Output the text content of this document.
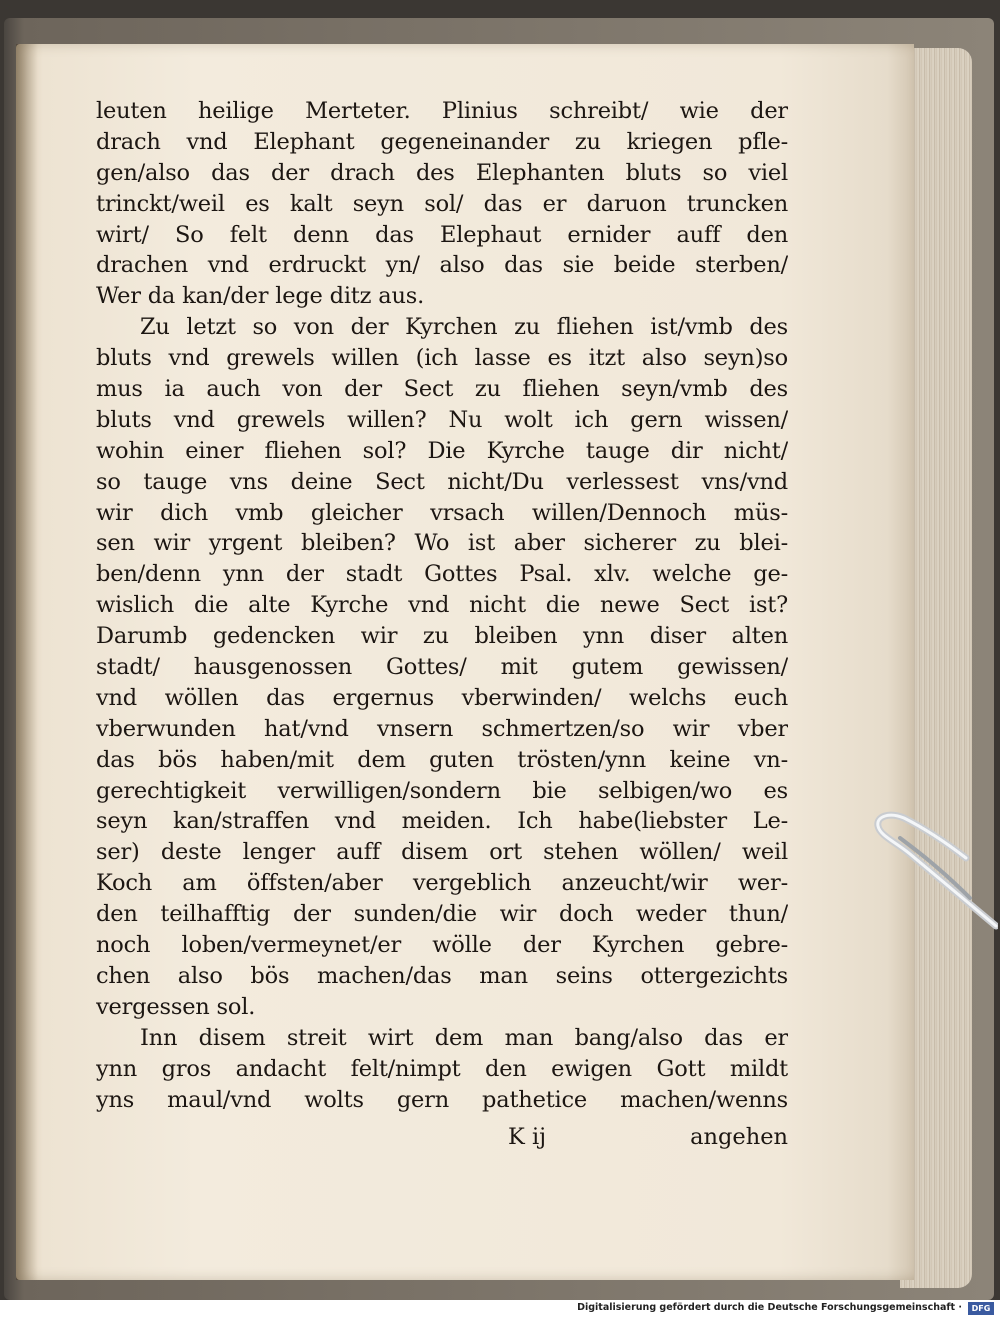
leuten heilige Merteter. Plinius schreibt/ wie der
drach vnd Elephant gegeneinander zu kriegen pfle-
gen/also das der drach des Elephanten bluts so viel
trinckt/weil es kalt seyn sol/ das er daruon truncken
wirt/ So felt denn das Elephaut ernider auff den
drachen vnd erdruckt yn/ also das sie beide sterben/
Wer da kan/der lege ditz aus.
Zu letzt so von der Kyrchen zu fliehen ist/vmb des
bluts vnd grewels willen (ich lasse es itzt also seyn)so
mus ia auch von der Sect zu fliehen seyn/vmb des
bluts vnd grewels willen? Nu wolt ich gern wissen/
wohin einer fliehen sol? Die Kyrche tauge dir nicht/
so tauge vns deine Sect nicht/Du verlessest vns/vnd
wir dich vmb gleicher vrsach willen/Dennoch müs-
sen wir yrgent bleiben? Wo ist aber sicherer zu blei-
ben/denn ynn der stadt Gottes Psal. xlv. welche ge-
wislich die alte Kyrche vnd nicht die newe Sect ist?
Darumb gedencken wir zu bleiben ynn diser alten
stadt/ hausgenossen Gottes/ mit gutem gewissen/
vnd wöllen das ergernus vberwinden/ welchs euch
vberwunden hat/vnd vnsern schmertzen/so wir vber
das bös haben/mit dem guten trösten/ynn keine vn-
gerechtigkeit verwilligen/sondern bie selbigen/wo es
seyn kan/straffen vnd meiden. Ich habe(liebster Le-
ser) deste lenger auff disem ort stehen wöllen/ weil
Koch am öffsten/aber vergeblich anzeucht/wir wer-
den teilhafftig der sunden/die wir doch weder thun/
noch loben/vermeynet/er wölle der Kyrchen gebre-
chen also bös machen/das man seins ottergezichts
vergessen sol.
Inn disem streit wirt dem man bang/also das er
ynn gros andacht felt/nimpt den ewigen Gott mildt
yns maul/vnd wolts gern pathetice machen/wenns
K ij	angehen
Digitalisierung gefördert durch die Deutsche Forschungsgemeinschaft ·	DFG
